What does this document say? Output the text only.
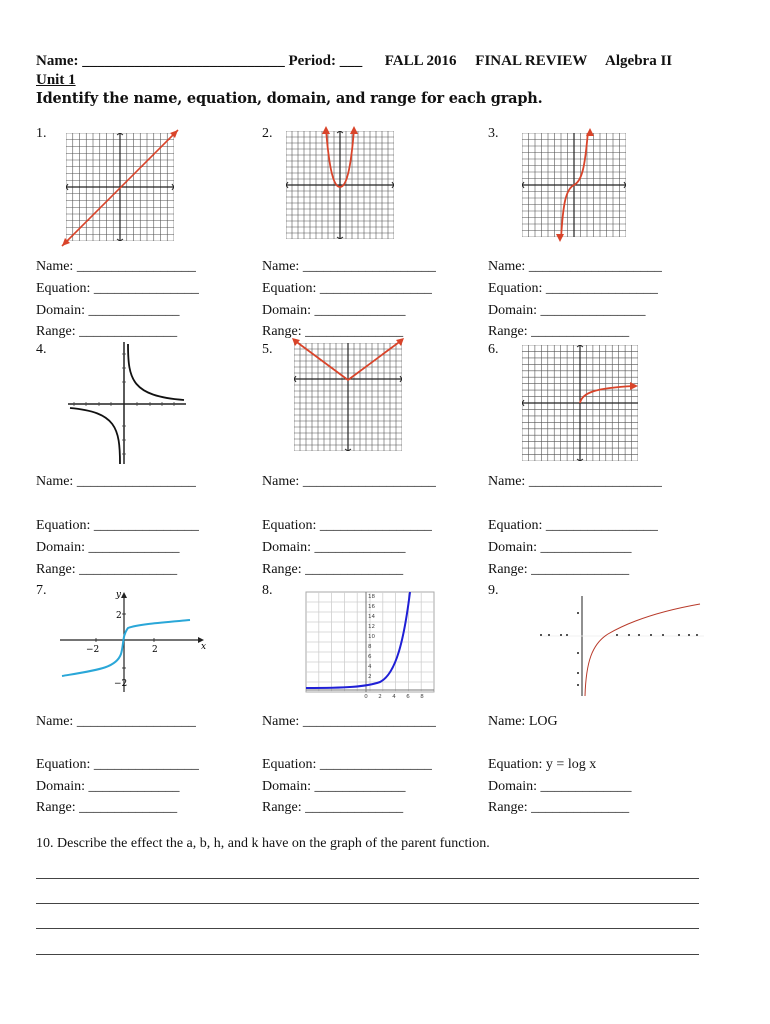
Name: ___________________________ Period: ___      FALL 2016     FINAL REVIEW     Algebra II
Unit 1
Identify the name, equation, domain, and range for each graph.
1.	2.	3.
Name: _________________
Equation: _______________
Domain: _____________
Range: ______________
Name: ___________________
Equation: ________________
Domain: _____________
Range: ______________
Name: ___________________
Equation: ________________
Domain: _______________
Range: ______________
4.	5.	6.
Name: _________________
Equation: _______________
Domain: _____________
Range: ______________
Name: ___________________
Equation: ________________
Domain: _____________
Range: ______________
Name: ___________________
Equation: ________________
Domain: _____________
Range: ______________
7.	8.	9.
y
x
2
−2
−2	2
18
16
14
12
10
8
6
4
2
0 2 4 6 8
Name: _________________
Equation: _______________
Domain: _____________
Range: ______________
Name: ___________________
Equation: ________________
Domain: _____________
Range: ______________
Name: LOG
Equation: y = log x
Domain: _____________
Range: ______________
10. Describe the effect the a, b, h, and k have on the graph of the parent function.
